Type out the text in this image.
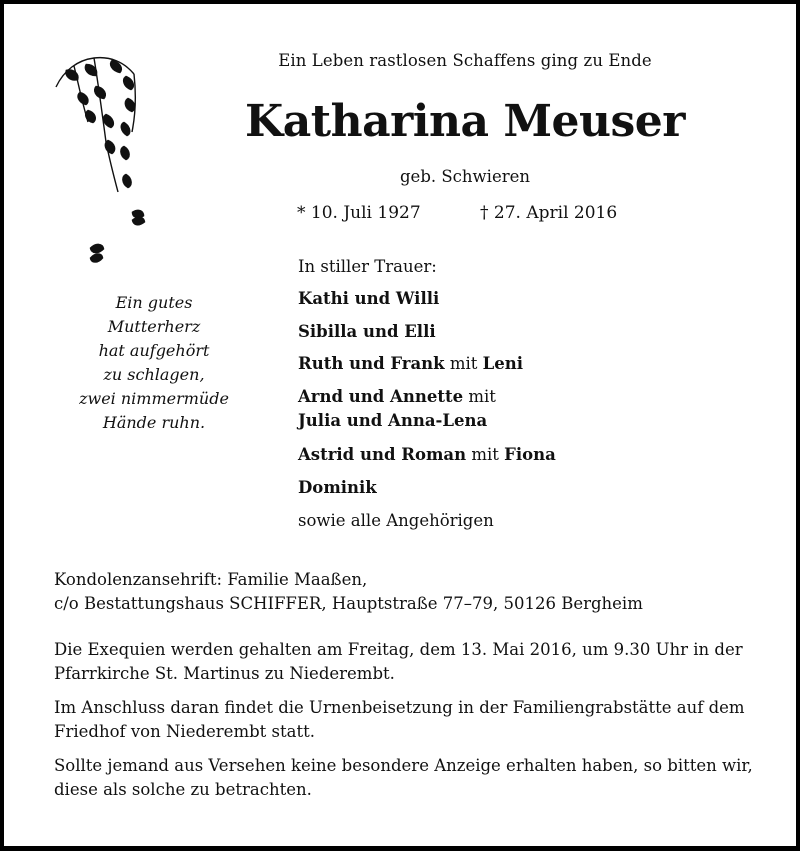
Ein Leben rastlosen Schaffens ging zu Ende
Katharina Meuser
geb. Schwieren
* 10. Juli 1927	† 27. April 2016
Ein gutes
Mutterherz
hat aufgehört
zu schlagen,
zwei nimmermüde
Hände ruhn.
In stiller Trauer:
Kathi und Willi
Sibilla und Elli
Ruth und Frank mit Leni
Arnd und Annette mit
Julia und Anna-Lena
Astrid und Roman mit Fiona
Dominik
sowie alle Angehörigen
Kondolenzansehrift: Familie Maaßen,
c/o Bestattungshaus SCHIFFER, Hauptstraße 77–79, 50126 Bergheim
Die Exequien werden gehalten am Freitag, dem 13. Mai 2016, um 9.30 Uhr in der
Pfarrkirche St. Martinus zu Niederembt.
Im Anschluss daran findet die Urnenbeisetzung in der Familiengrabstätte auf dem
Friedhof von Niederembt statt.
Sollte jemand aus Versehen keine besondere Anzeige erhalten haben, so bitten wir,
diese als solche zu betrachten.
